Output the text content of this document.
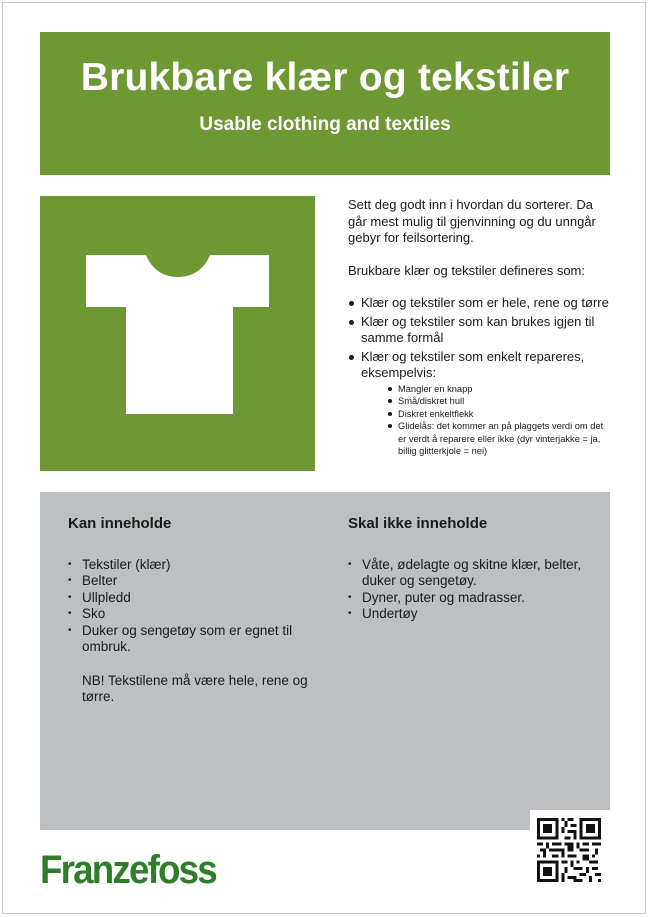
Brukbare klær og tekstiler
Usable clothing and textiles

Sett deg godt inn i hvordan du sorterer. Da går mest mulig til gjenvinning og du unngår gebyr for feilsortering.

Brukbare klær og tekstiler defineres som:

Klær og tekstiler som er hele, rene og tørre
Klær og tekstiler som kan brukes igjen til samme formål
Klær og tekstiler som enkelt repareres, eksempelvis:
Mangler en knapp
Små/diskret hull
Diskret enkeltflekk
Glidelås: det kommer an på plaggets verdi om det er verdt å reparere eller ikke (dyr vinterjakke = ja, billig glitterkjole = nei)
Kan inneholde
• Tekstiler (klær)
• Belter
• Ullpledd
• Sko
• Duker og sengetøy som er egnet til ombruk.

NB! Tekstilene må være hele, rene og tørre.

Skal ikke inneholde
• Våte, ødelagte og skitne klær, belter, duker og sengetøy.
• Dyner, puter og madrasser.
• Undertøy
Franzefoss
